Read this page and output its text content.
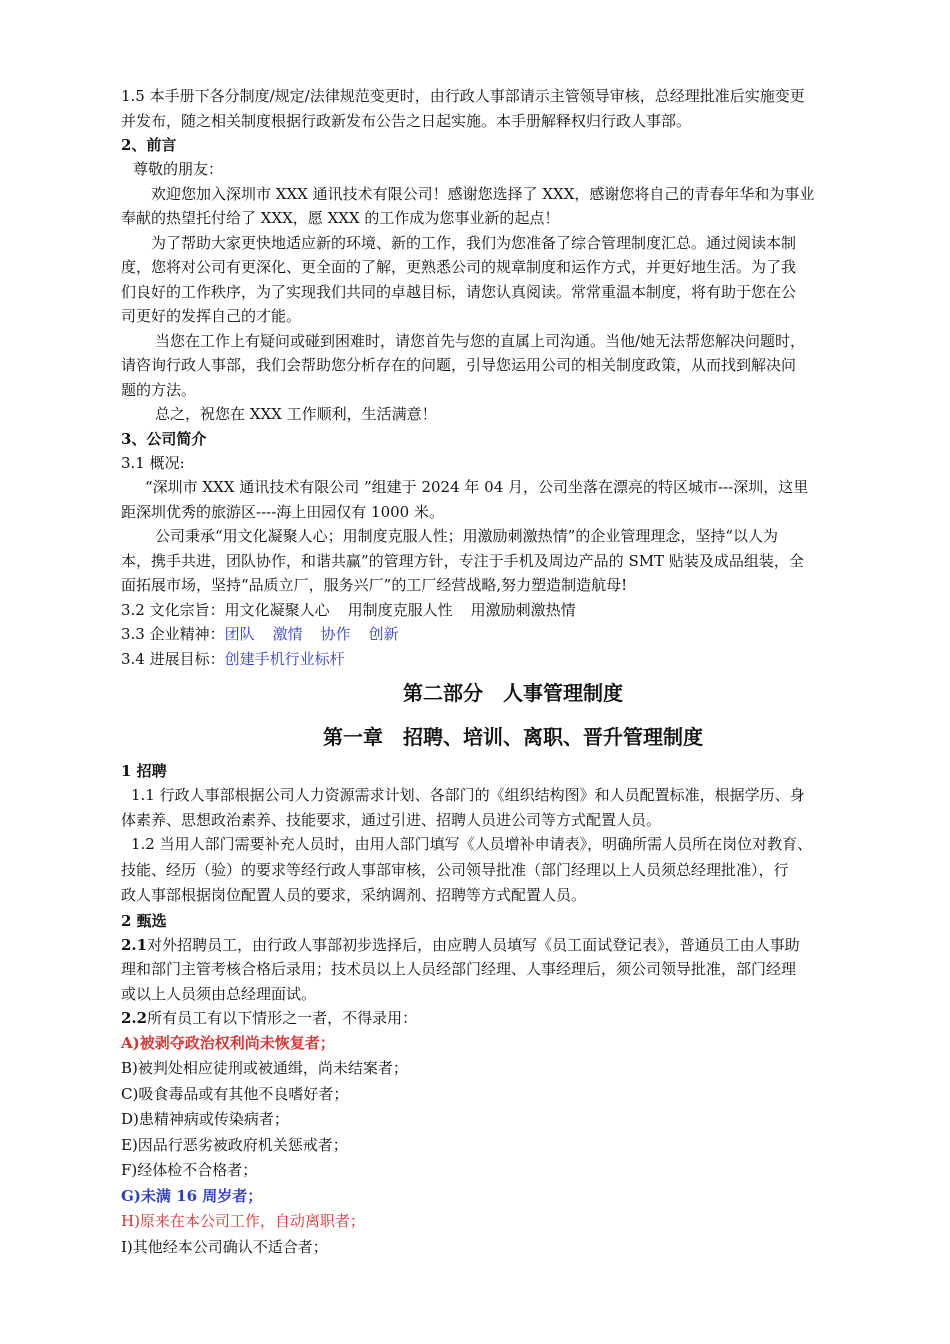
1.5 本手册下各分制度/规定/法律规范变更时，由行政人事部请示主管领导审核，总经理批准后实施变更
并发布，随之相关制度根据行政新发布公告之日起实施。本手册解释权归行政人事部。
2、前言
尊敬的朋友：
欢迎您加入深圳市 XXX 通讯技术有限公司！感谢您选择了 XXX，感谢您将自己的青春年华和为事业
奉献的热望托付给了 XXX，愿 XXX 的工作成为您事业新的起点！
为了帮助大家更快地适应新的环境、新的工作，我们为您准备了综合管理制度汇总。通过阅读本制
度，您将对公司有更深化、更全面的了解，更熟悉公司的规章制度和运作方式，并更好地生活。为了我
们良好的工作秩序，为了实现我们共同的卓越目标，请您认真阅读。常常重温本制度，将有助于您在公
司更好的发挥自己的才能。
当您在工作上有疑问或碰到困难时，请您首先与您的直属上司沟通。当他/她无法帮您解决问题时，
请咨询行政人事部，我们会帮助您分析存在的问题，引导您运用公司的相关制度政策，从而找到解决问
题的方法。
总之，祝您在 XXX 工作顺利，生活满意！
3、公司简介
3.1 概况:
“深圳市 XXX 通讯技术有限公司 ”组建于 2024 年 04 月，公司坐落在漂亮的特区城市---深圳，这里
距深圳优秀的旅游区----海上田园仅有 1000 米。
公司秉承“用文化凝聚人心；用制度克服人性；用激励刺激热情”的企业管理理念，坚持“以人为
本，携手共进，团队协作，和谐共赢”的管理方针，专注于手机及周边产品的 SMT 贴装及成品组装，全
面拓展市场，坚持“品质立厂，服务兴厂”的工厂经营战略,努力塑造制造航母!
3.2 文化宗旨：用文化凝聚人心 用制度克服人性 用激励刺激热情
3.3 企业精神：团队 激情 协作 创新
3.4 进展目标：创建手机行业标杆
第二部分　人事管理制度
第一章　招聘、培训、离职、晋升管理制度
1 招聘
1.1 行政人事部根据公司人力资源需求计划、各部门的《组织结构图》和人员配置标准，根据学历、身
体素养、思想政治素养、技能要求，通过引进、招聘人员进公司等方式配置人员。
1.2 当用人部门需要补充人员时，由用人部门填写《人员增补申请表》，明确所需人员所在岗位对教育、
技能、经历（验）的要求等经行政人事部审核，公司领导批准（部门经理以上人员须总经理批准），行
政人事部根据岗位配置人员的要求，采纳调剂、招聘等方式配置人员。
2 甄选
2.1对外招聘员工，由行政人事部初步选择后，由应聘人员填写《员工面试登记表》，普通员工由人事助
理和部门主管考核合格后录用；技术员以上人员经部门经理、人事经理后，须公司领导批准，部门经理
或以上人员须由总经理面试。
2.2所有员工有以下情形之一者，不得录用：
A)被剥夺政治权利尚未恢复者；
B)被判处相应徒刑或被通缉，尚未结案者；
C)吸食毒品或有其他不良嗜好者；
D)患精神病或传染病者；
E)因品行恶劣被政府机关惩戒者；
F)经体检不合格者；
G)未满 16 周岁者；
H)原来在本公司工作，自动离职者；
I)其他经本公司确认不适合者；
